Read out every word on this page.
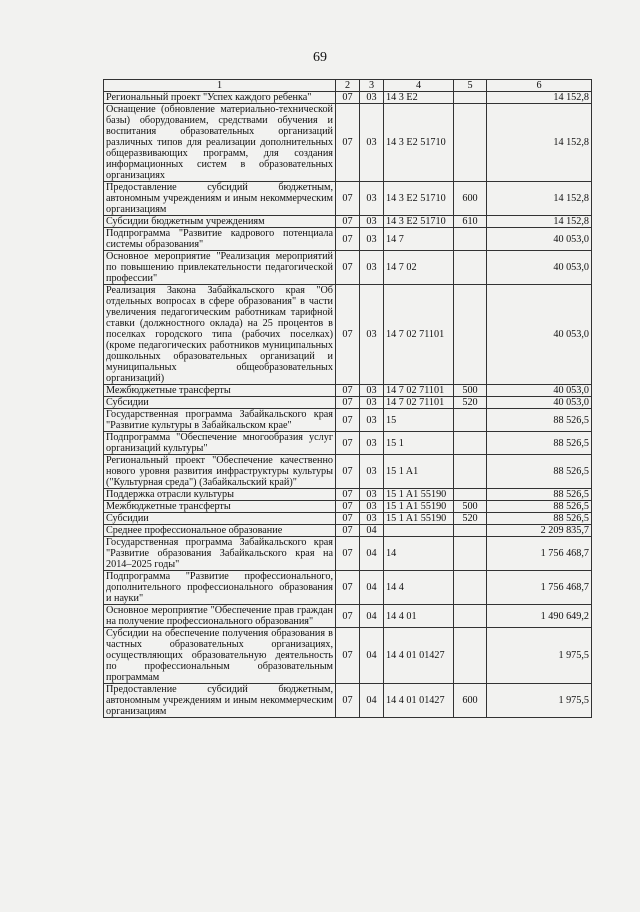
69
1	2	3	4	5	6
Региональный проект "Успех каждого ребенка"	07	03	14 3 E2		14 152,8
Оснащение (обновление материально-технической базы) оборудованием, средствами обучения и воспитания образовательных организаций различных типов для реализации дополнительных общеразвивающих программ, для создания информационных систем в образовательных организациях	07	03	14 3 E2 51710		14 152,8
Предоставление субсидий бюджетным, автономным учреждениям и иным некоммерческим организациям	07	03	14 3 E2 51710	600	14 152,8
Субсидии бюджетным учреждениям	07	03	14 3 E2 51710	610	14 152,8
Подпрограмма "Развитие кадрового потенциала системы образования"	07	03	14 7		40 053,0
Основное мероприятие "Реализация мероприятий по повышению привлекательности педагогической профессии"	07	03	14 7 02		40 053,0
Реализация Закона Забайкальского края "Об отдельных вопросах в сфере образования" в части увеличения педагогическим работникам тарифной ставки (должностного оклада) на 25 процентов в поселках городского типа (рабочих поселках) (кроме педагогических работников муниципальных дошкольных образовательных организаций и муниципальных общеобразовательных организаций)	07	03	14 7 02 71101		40 053,0
Межбюджетные трансферты	07	03	14 7 02 71101	500	40 053,0
Субсидии	07	03	14 7 02 71101	520	40 053,0
Государственная программа Забайкальского края "Развитие культуры в Забайкальском крае"	07	03	15		88 526,5
Подпрограмма "Обеспечение многообразия услуг организаций культуры"	07	03	15 1		88 526,5
Региональный проект "Обеспечение качественно нового уровня развития инфраструктуры культуры ("Культурная среда") (Забайкальский край)"	07	03	15 1 A1		88 526,5
Поддержка отрасли культуры	07	03	15 1 A1 55190		88 526,5
Межбюджетные трансферты	07	03	15 1 A1 55190	500	88 526,5
Субсидии	07	03	15 1 A1 55190	520	88 526,5
Среднее профессиональное образование	07	04			2 209 835,7
Государственная программа Забайкальского края "Развитие образования Забайкальского края на 2014–2025 годы"	07	04	14		1 756 468,7
Подпрограмма "Развитие профессионального, дополнительного профессионального образования и науки"	07	04	14 4		1 756 468,7
Основное мероприятие "Обеспечение прав граждан на получение профессионального образования"	07	04	14 4 01		1 490 649,2
Субсидии на обеспечение получения образования в частных образовательных организациях, осуществляющих образовательную деятельность по профессиональным образовательным программам	07	04	14 4 01 01427		1 975,5
Предоставление субсидий бюджетным, автономным учреждениям и иным некоммерческим организациям	07	04	14 4 01 01427	600	1 975,5
